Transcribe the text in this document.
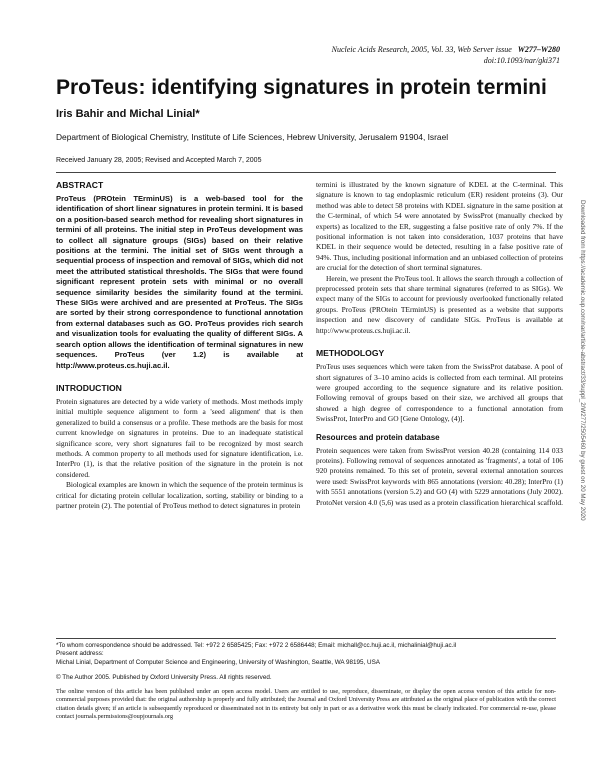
Nucleic Acids Research, 2005, Vol. 33, Web Server issue W277–W280
doi:10.1093/nar/gki371
ProTeus: identifying signatures in protein termini
Iris Bahir and Michal Linial*
Department of Biological Chemistry, Institute of Life Sciences, Hebrew University, Jerusalem 91904, Israel
Received January 28, 2005; Revised and Accepted March 7, 2005
ABSTRACT

ProTeus (PROtein TErminUS) is a web-based tool for the identification of short linear signatures in protein termini. It is based on a position-based search method for revealing short signatures in termini of all proteins. The initial step in ProTeus development was to collect all signature groups (SIGs) based on their relative positions at the termini. The initial set of SIGs went through a sequential process of inspection and removal of SIGs, which did not meet the attributed statistical thresholds. The SIGs that were found significant represent protein sets with minimal or no overall sequence similarity besides the similarity found at the termini. These SIGs were archived and are presented at ProTeus. The SIGs are sorted by their strong correspondence to functional annotation from external databases such as GO. ProTeus provides rich search and visualization tools for evaluating the quality of different SIGs. A search option allows the identification of terminal signatures in new sequences. ProTeus (ver 1.2) is available at http://www.proteus.cs.huji.ac.il.

INTRODUCTION

Protein signatures are detected by a wide variety of methods. Most methods imply initial multiple sequence alignment to form a 'seed alignment' that is then generalized to build a consensus or a profile. These methods are the basis for most current knowledge on signatures in proteins. Due to an inadequate statistical significance score, very short signatures fail to be recognized by most search methods. A common property to all methods used for signature identification, i.e. InterPro (1), is that the relative position of the signature in the protein is not considered.

Biological examples are known in which the sequence of the protein terminus is critical for dictating protein cellular localization, sorting, stability or binding to a partner protein (2). The potential of ProTeus method to detect signatures in protein

termini is illustrated by the known signature of KDEL at the C-terminal. This signature is known to tag endoplasmic reticulum (ER) resident proteins (3). Our method was able to detect 58 proteins with KDEL signature in the same position at the C-terminal, of which 54 were annotated by SwissProt (manually checked by experts) as localized to the ER, suggesting a false positive rate of only 7%. If the positional information is not taken into consideration, 1037 proteins that have KDEL in their sequence would be detected, resulting in a false positive rate of 94%. Thus, including positional information and an unbiased collection of proteins are crucial for the detection of short terminal signatures.

Herein, we present the ProTeus tool. It allows the search through a collection of preprocessed protein sets that share terminal signatures (referred to as SIGs). We expect many of the SIGs to account for previously overlooked functionally related groups. ProTeus (PROtein TErminUS) is presented as a website that supports inspection and new discovery of candidate SIGs. ProTeus is available at http://www.proteus.cs.huji.ac.il.

METHODOLOGY

ProTeus uses sequences which were taken from the SwissProt database. A pool of short signatures of 3–10 amino acids is collected from each terminal. All proteins were grouped according to the sequence signature and its relative position. Following removal of groups based on their size, we archived all groups that showed a high degree of correspondence to a functional annotation from SwissProt, InterPro and GO [Gene Ontology, (4)].

Resources and protein database

Protein sequences were taken from SwissProt version 40.28 (containing 114 033 proteins). Following removal of sequences annotated as 'fragments', a total of 106 920 proteins remained. To this set of protein, several external annotation sources were used: SwissProt keywords with 865 annotations (version: 40.28); InterPro (1) with 5551 annotations (version 5.2) and GO (4) with 5229 annotations (July 2002). ProtoNet version 4.0 (5,6) was used as a protein classification hierarchical scaffold.

*To whom correspondence should be addressed. Tel: +972 2 6585425; Fax: +972 2 6586448; Email: michall@cc.huji.ac.il, michalinial@huji.ac.il
Present address:
Michal Linial, Department of Computer Science and Engineering, University of Washington, Seattle, WA 98195, USA
© The Author 2005. Published by Oxford University Press. All rights reserved.
The online version of this article has been published under an open access model. Users are entitled to use, reproduce, disseminate, or display the open access version of this article for non-commercial purposes provided that: the original authorship is properly and fully attributed; the Journal and Oxford University Press are attributed as the original place of publication with the correct citation details given; if an article is subsequently reproduced or disseminated not in its entirety but only in part or as a derivative work this must be clearly indicated. For commercial re-use, please contact journals.permissions@oupjournals.org
Downloaded from https://academic.oup.com/nar/article-abstract/33/suppl_2/W277/2505460 by guest on 20 May 2020
